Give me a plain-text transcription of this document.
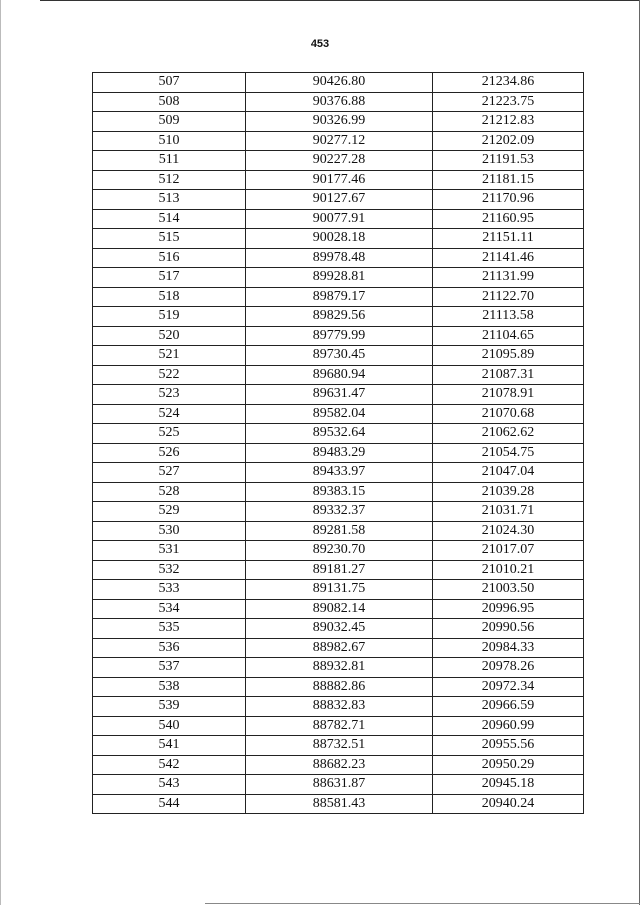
453
507	90426.80	21234.86
508	90376.88	21223.75
509	90326.99	21212.83
510	90277.12	21202.09
511	90227.28	21191.53
512	90177.46	21181.15
513	90127.67	21170.96
514	90077.91	21160.95
515	90028.18	21151.11
516	89978.48	21141.46
517	89928.81	21131.99
518	89879.17	21122.70
519	89829.56	21113.58
520	89779.99	21104.65
521	89730.45	21095.89
522	89680.94	21087.31
523	89631.47	21078.91
524	89582.04	21070.68
525	89532.64	21062.62
526	89483.29	21054.75
527	89433.97	21047.04
528	89383.15	21039.28
529	89332.37	21031.71
530	89281.58	21024.30
531	89230.70	21017.07
532	89181.27	21010.21
533	89131.75	21003.50
534	89082.14	20996.95
535	89032.45	20990.56
536	88982.67	20984.33
537	88932.81	20978.26
538	88882.86	20972.34
539	88832.83	20966.59
540	88782.71	20960.99
541	88732.51	20955.56
542	88682.23	20950.29
543	88631.87	20945.18
544	88581.43	20940.24
